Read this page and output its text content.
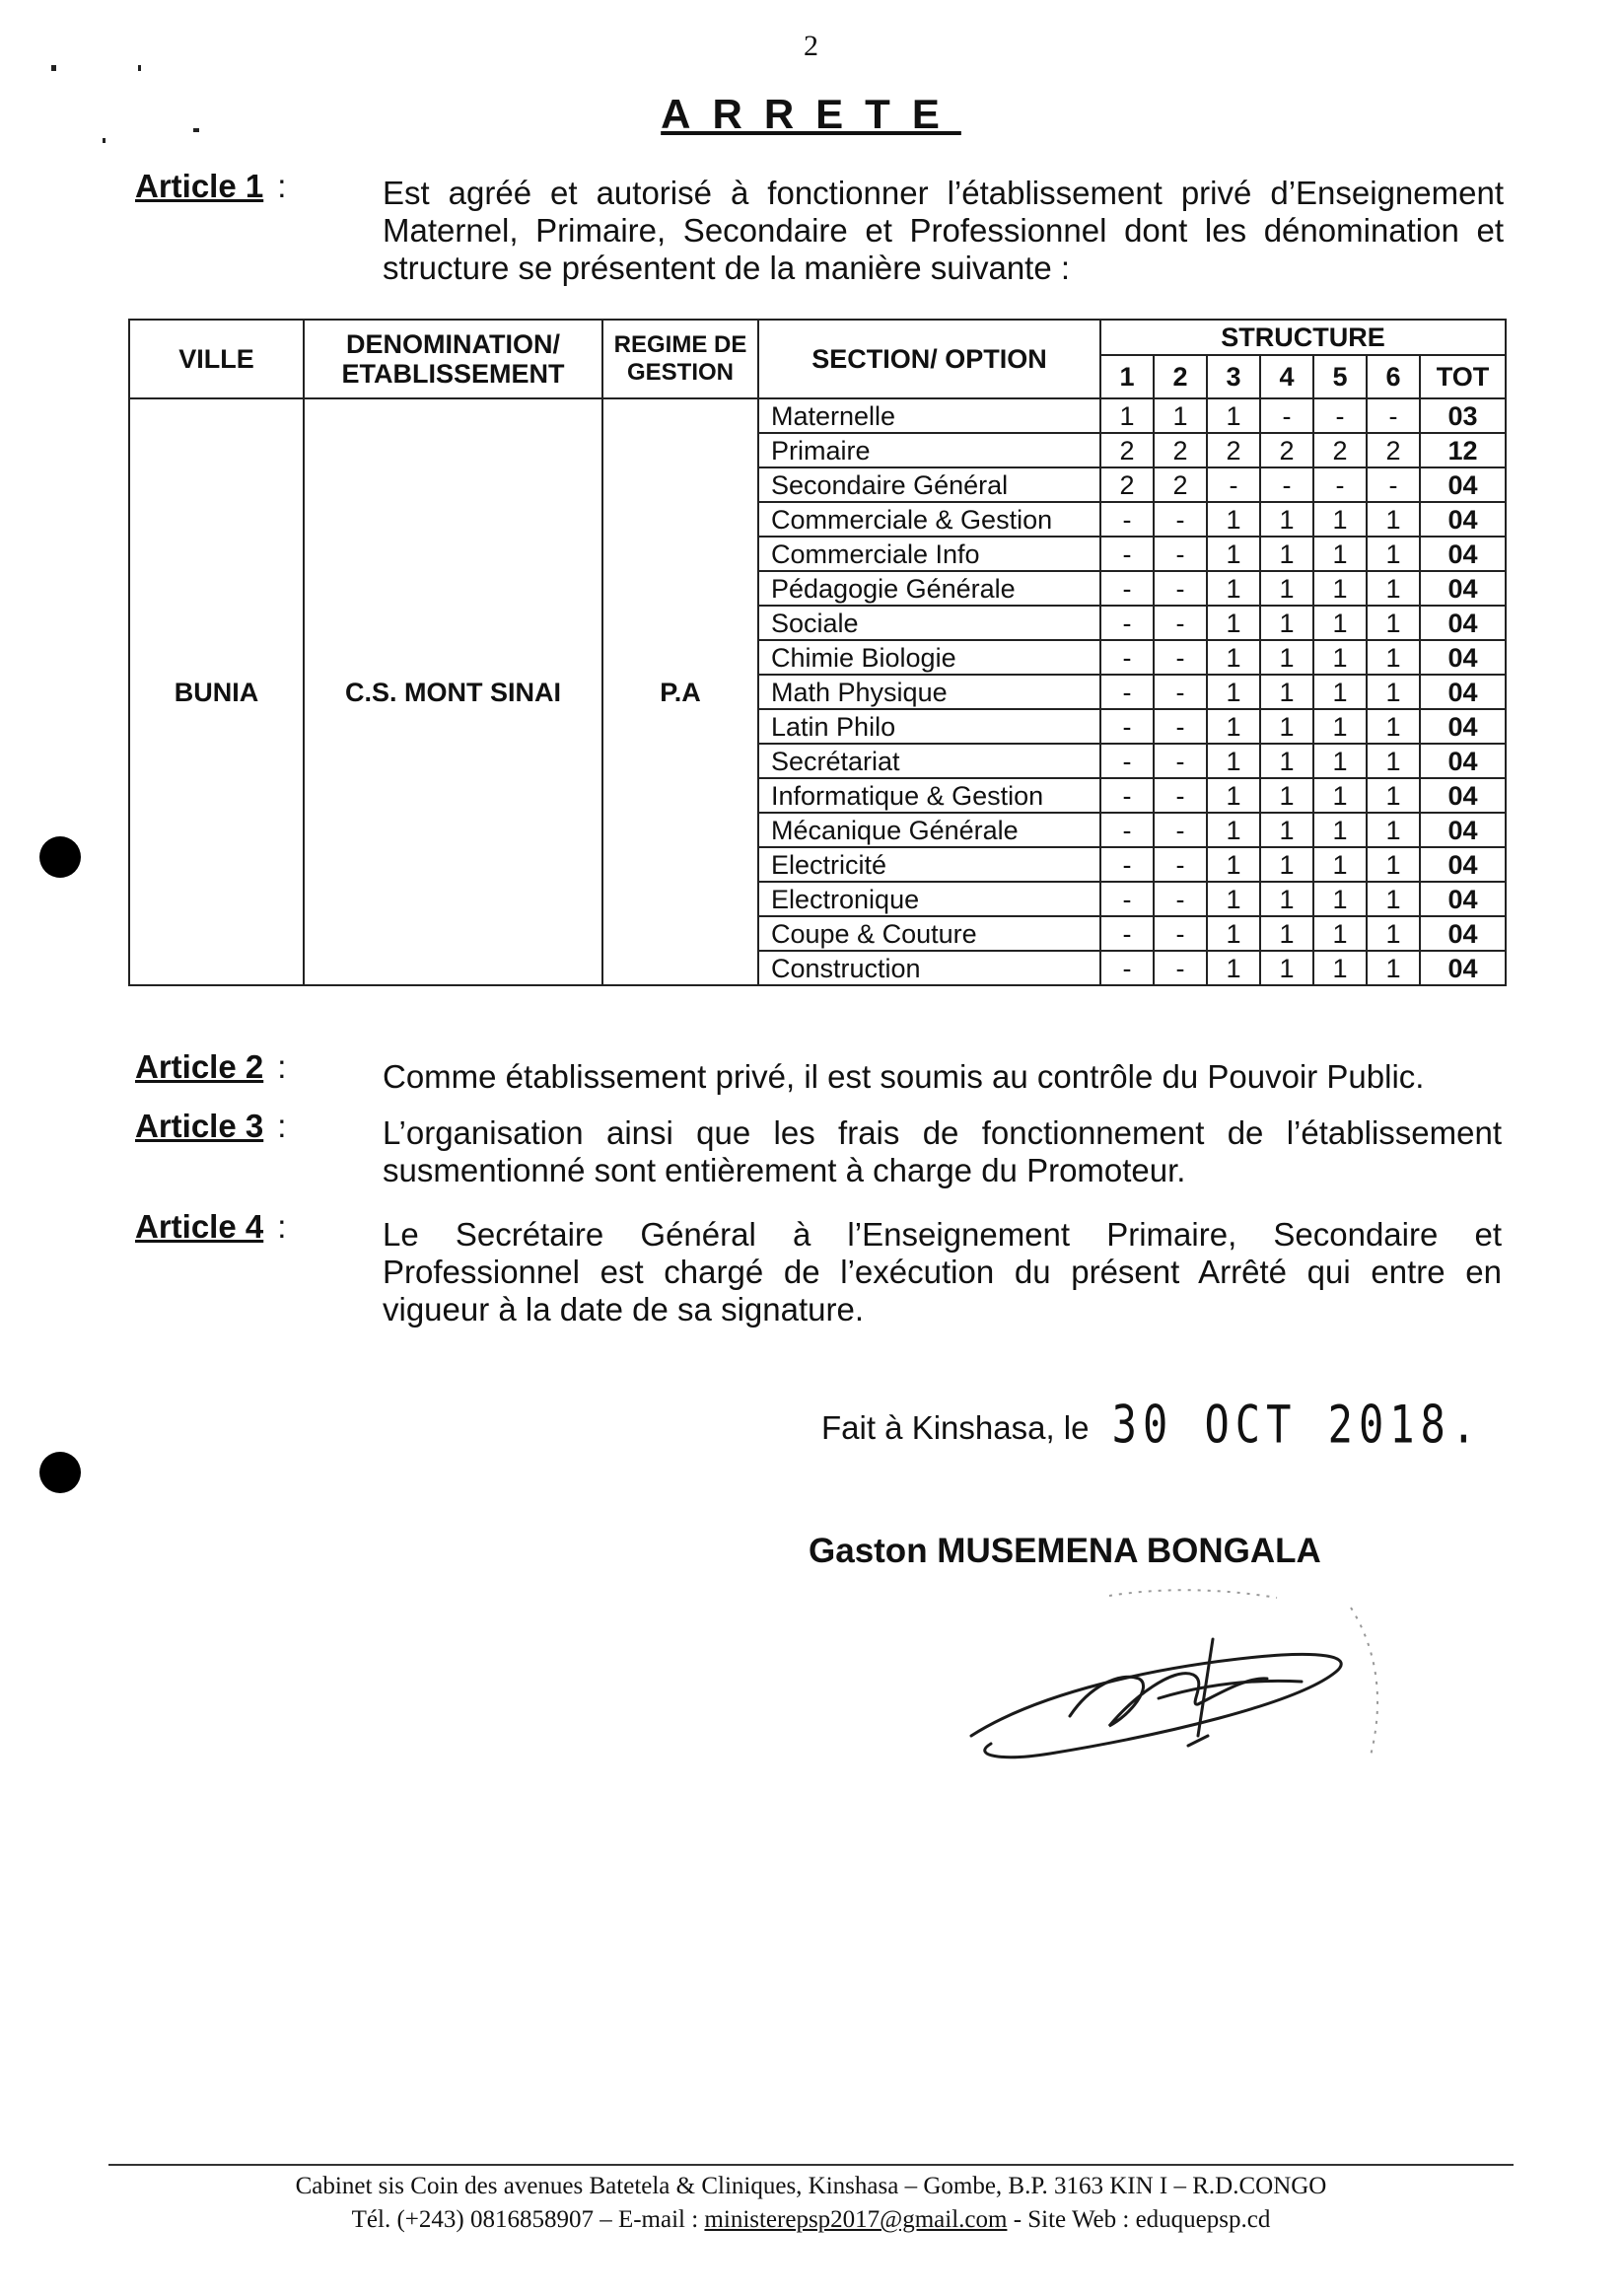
2
ARRETE
Article 1 :	Est agréé et autorisé à fonctionner l’établissement privé d’Enseignement Maternel, Primaire, Secondaire et Professionnel dont les dénomination et structure se présentent de la manière suivante :
VILLE	DENOMINATION/ ETABLISSEMENT	REGIME DE GESTION	SECTION/ OPTION	STRUCTURE						
				1	2	3	4	5	6	TOT
BUNIA	C.S. MONT SINAI	P.A	Maternelle	1	1	1	-	-	-	03
			Primaire	2	2	2	2	2	2	12
			Secondaire Général	2	2	-	-	-	-	04
			Commerciale & Gestion	-	-	1	1	1	1	04
			Commerciale Info	-	-	1	1	1	1	04
			Pédagogie Générale	-	-	1	1	1	1	04
			Sociale	-	-	1	1	1	1	04
			Chimie Biologie	-	-	1	1	1	1	04
			Math Physique	-	-	1	1	1	1	04
			Latin Philo	-	-	1	1	1	1	04
			Secrétariat	-	-	1	1	1	1	04
			Informatique & Gestion	-	-	1	1	1	1	04
			Mécanique Générale	-	-	1	1	1	1	04
			Electricité	-	-	1	1	1	1	04
			Electronique	-	-	1	1	1	1	04
			Coupe & Couture	-	-	1	1	1	1	04
			Construction	-	-	1	1	1	1	04
Article 2 :	Comme établissement privé, il est soumis au contrôle du Pouvoir Public.
Article 3 :	L’organisation ainsi que les frais de fonctionnement de l’établissement susmentionné sont entièrement à charge du Promoteur.
Article 4 :	Le Secrétaire Général à l’Enseignement Primaire, Secondaire et Professionnel est chargé de l’exécution du présent Arrêté qui entre en vigueur à la date de sa signature.
Fait à Kinshasa, le 30 OCT 2018.
Gaston MUSEMENA BONGALA
Cabinet sis Coin des avenues Batetela & Cliniques, Kinshasa – Gombe, B.P. 3163 KIN I – R.D.CONGO
Tél. (+243) 0816858907 – E-mail : ministerepsp2017@gmail.com - Site Web : eduquepsp.cd
